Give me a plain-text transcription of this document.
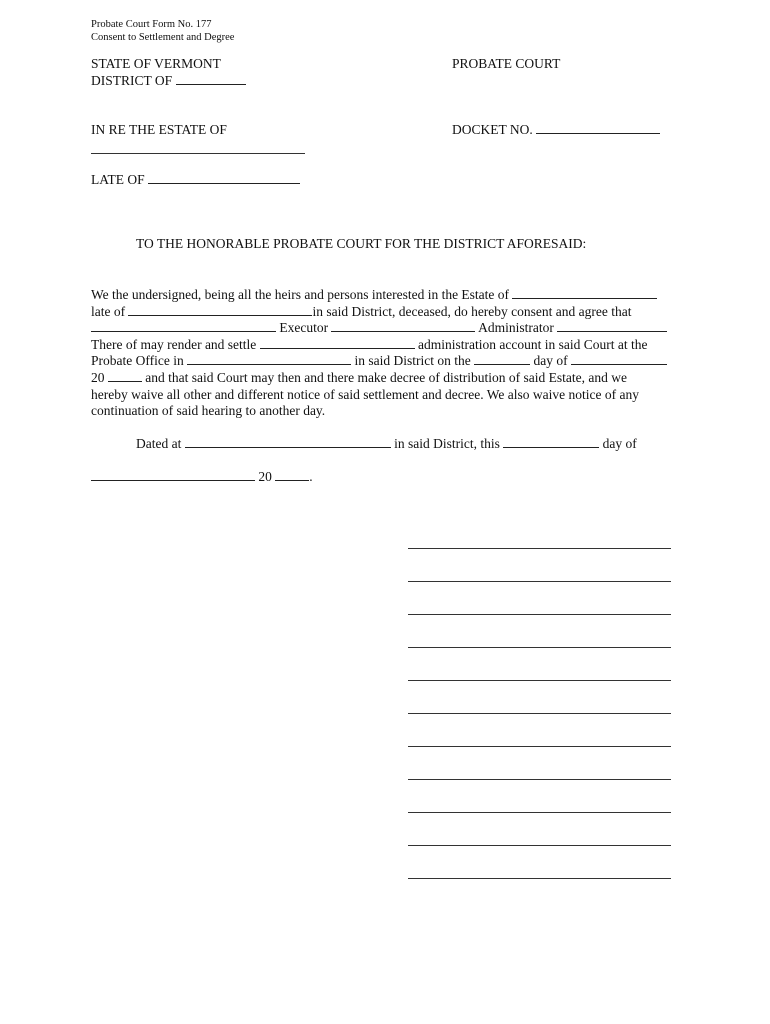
Probate Court Form No. 177
Consent to Settlement and Degree
STATE OF VERMONT
DISTRICT OF
PROBATE COURT
IN RE THE ESTATE OF	DOCKET NO.
LATE OF
TO THE HONORABLE PROBATE COURT FOR THE DISTRICT AFORESAID:
We the undersigned, being all the heirs and persons interested in the Estate of
late of	in said District, deceased, do hereby consent and agree that
Executor	Administrator
There of may render and settle	administration account in said Court at the
Probate Office in	in said District on the	day of
20	and that said Court may then and there make decree of distribution of said Estate, and we
hereby waive all other and different notice of said settlement and decree. We also waive notice of any
continuation of said hearing to another day.
Dated at	in said District, this	day of
20	.
